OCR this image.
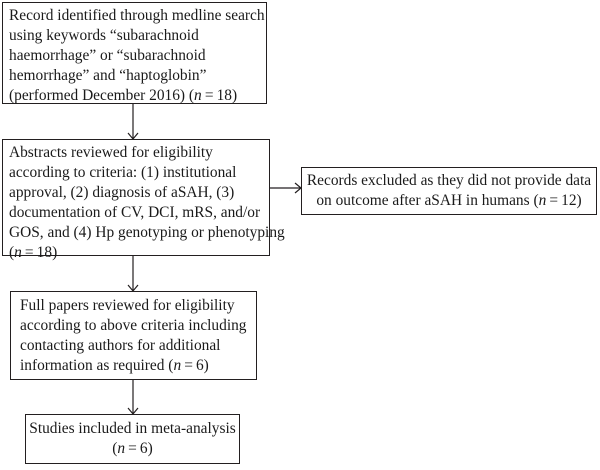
Record identified through medline search
using keywords “subarachnoid
haemorrhage” or “subarachnoid
hemorrhage” and “haptoglobin”
(performed December 2016) (n = 18)
Abstracts reviewed for eligibility
according to criteria: (1) institutional
approval, (2) diagnosis of aSAH, (3)
documentation of CV, DCI, mRS, and/or
GOS, and (4) Hp genotyping or phenotyping
(n = 18)
Records excluded as they did not provide data
on outcome after aSAH in humans (n = 12)
Full papers reviewed for eligibility
according to above criteria including
contacting authors for additional
information as required (n = 6)
Studies included in meta-analysis
(n = 6)
